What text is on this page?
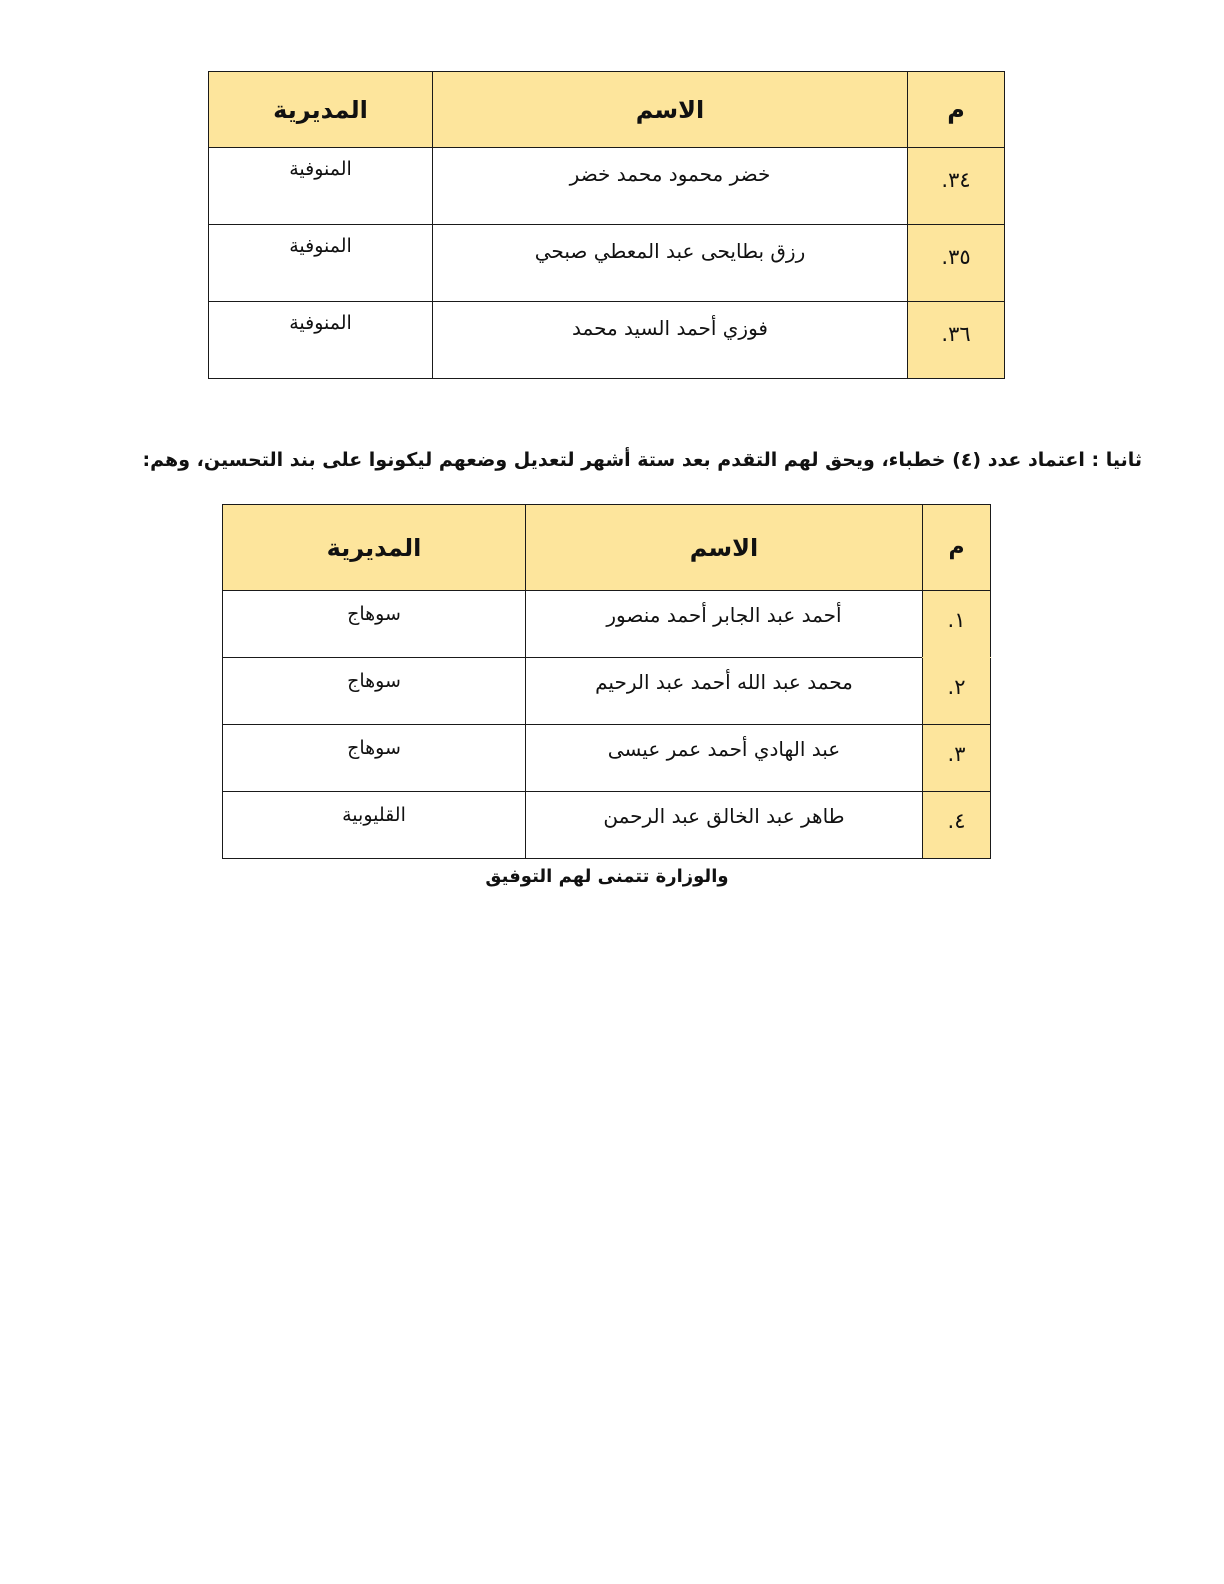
م	الاسم	المديرية
٣٤.	خضر محمود محمد خضر	المنوفية
٣٥.	رزق بطايحى عبد المعطي صبحي	المنوفية
٣٦.	فوزي أحمد السيد محمد	المنوفية
ثانيا : اعتماد عدد (٤) خطباء، ويحق لهم التقدم بعد ستة أشهر لتعديل وضعهم ليكونوا على بند التحسين، وهم:
م	الاسم	المديرية
١.	أحمد عبد الجابر أحمد منصور	سوهاج
٢.	محمد عبد الله أحمد عبد الرحيم	سوهاج
٣.	عبد الهادي أحمد عمر عيسى	سوهاج
٤.	طاهر عبد الخالق عبد الرحمن	القليوبية
والوزارة تتمنى لهم التوفيق
